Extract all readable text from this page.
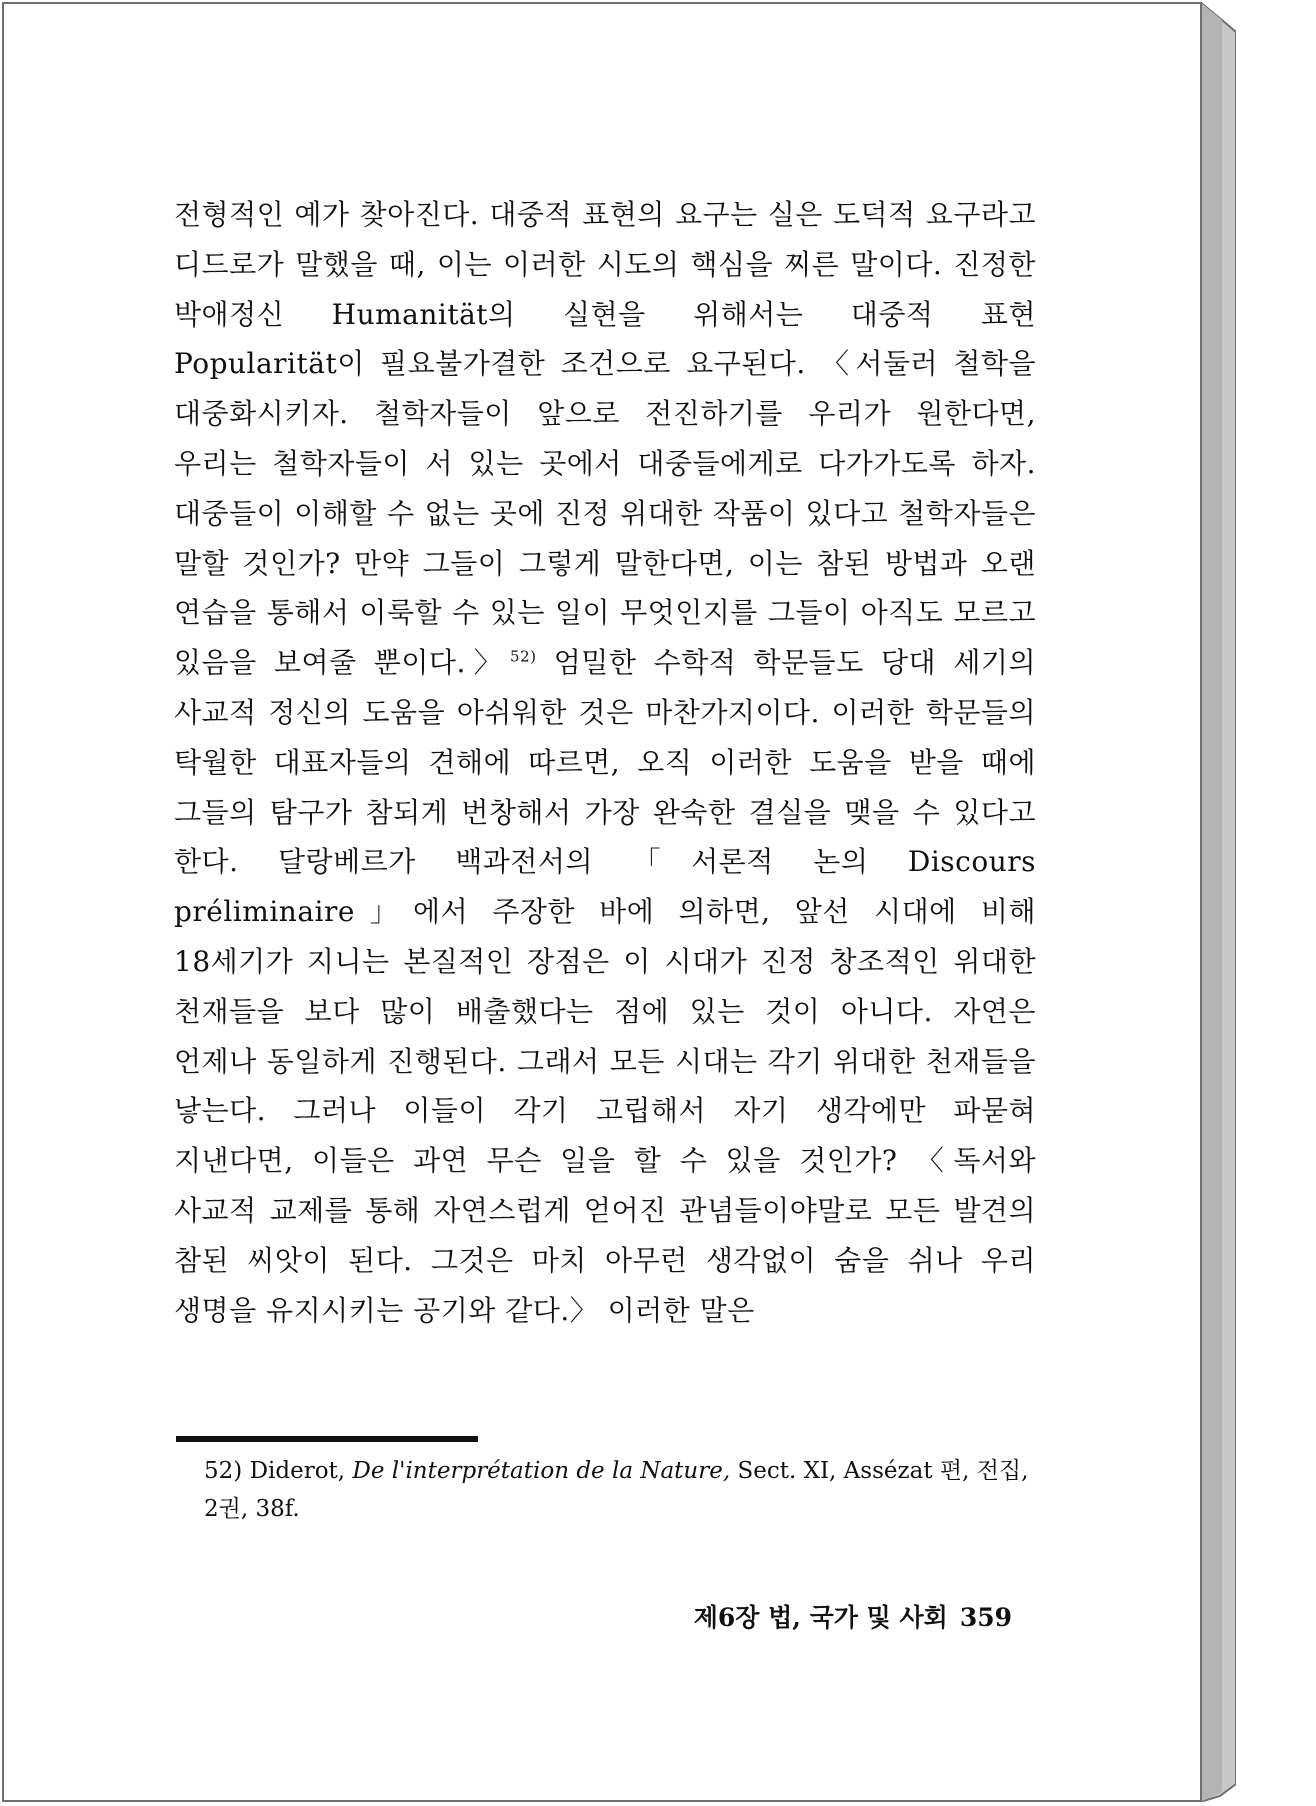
전형적인 예가 찾아진다. 대중적 표현의 요구는 실은 도덕적 요구라고 디드로가 말했을 때, 이는 이러한 시도의 핵심을 찌른 말이다. 진정한 박애정신 Humanität의 실현을 위해서는 대중적 표현 Popularität이 필요불가결한 조건으로 요구된다. 〈서둘러 철학을 대중화시키자. 철학자들이 앞으로 전진하기를 우리가 원한다면, 우리는 철학자들이 서 있는 곳에서 대중들에게로 다가가도록 하자. 대중들이 이해할 수 없는 곳에 진정 위대한 작품이 있다고 철학자들은 말할 것인가? 만약 그들이 그렇게 말한다면, 이는 참된 방법과 오랜 연습을 통해서 이룩할 수 있는 일이 무엇인지를 그들이 아직도 모르고 있음을 보여줄 뿐이다.〉$^{52)}$ 엄밀한 수학적 학문들도 당대 세기의 사교적 정신의 도움을 아쉬워한 것은 마찬가지이다. 이러한 학문들의 탁월한 대표자들의 견해에 따르면, 오직 이러한 도움을 받을 때에 그들의 탐구가 참되게 번창해서 가장 완숙한 결실을 맺을 수 있다고 한다. 달랑베르가 백과전서의 「서론적 논의 Discours préliminaire」에서 주장한 바에 의하면, 앞선 시대에 비해 18세기가 지니는 본질적인 장점은 이 시대가 진정 창조적인 위대한 천재들을 보다 많이 배출했다는 점에 있는 것이 아니다. 자연은 언제나 동일하게 진행된다. 그래서 모든 시대는 각기 위대한 천재들을 낳는다. 그러나 이들이 각기 고립해서 자기 생각에만 파묻혀 지낸다면, 이들은 과연 무슨 일을 할 수 있을 것인가? 〈독서와 사교적 교제를 통해 자연스럽게 얻어진 관념들이야말로 모든 발견의 참된 씨앗이 된다. 그것은 마치 아무런 생각없이 숨을 쉬나 우리 생명을 유지시키는 공기와 같다.〉 이러한 말은

52) Diderot, De l'interprétation de la Nature, Sect. XI, Assézat 편, 전집, 2권, 38f.

제6장 법, 국가 및 사회 359
